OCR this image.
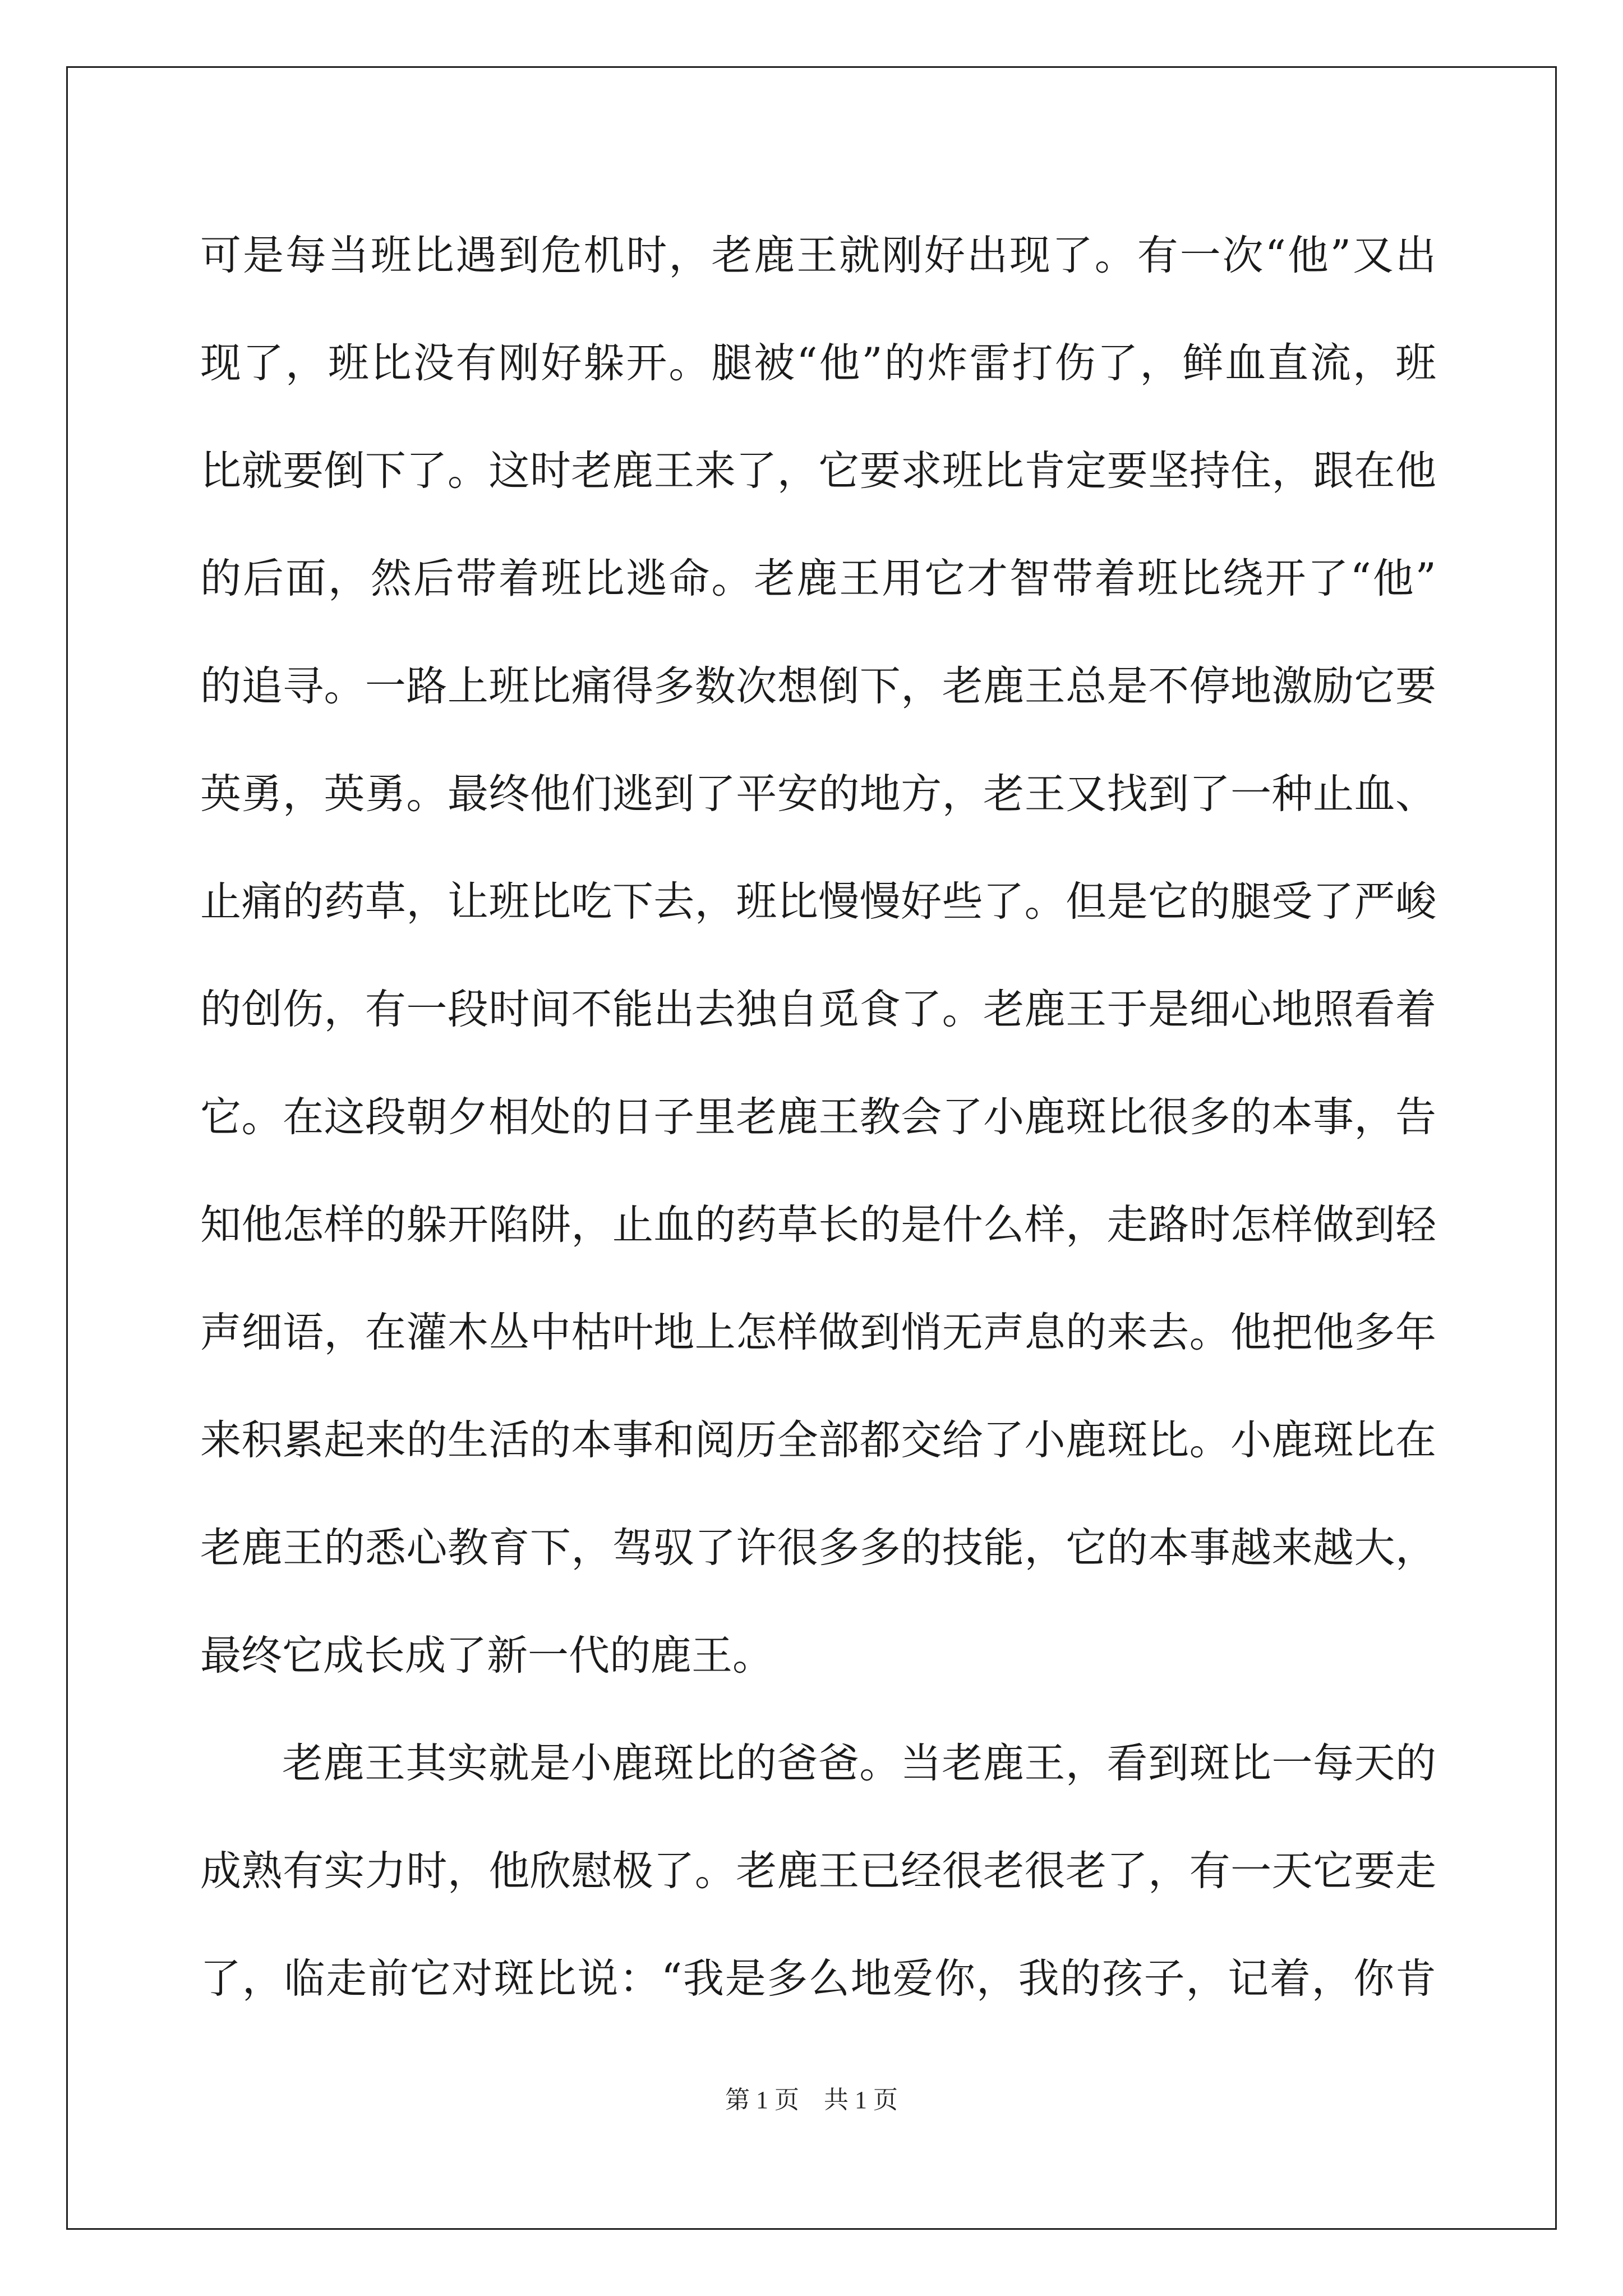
可是每当班比遇到危机时，老鹿王就刚好出现了。有一次“他”又出
现了，班比没有刚好躲开。腿被“他”的炸雷打伤了，鲜血直流，班
比就要倒下了。这时老鹿王来了，它要求班比肯定要坚持住，跟在他
的后面，然后带着班比逃命。老鹿王用它才智带着班比绕开了“他”
的追寻。一路上班比痛得多数次想倒下，老鹿王总是不停地激励它要
英勇，英勇。最终他们逃到了平安的地方，老王又找到了一种止血、
止痛的药草，让班比吃下去，班比慢慢好些了。但是它的腿受了严峻
的创伤，有一段时间不能出去独自觅食了。老鹿王于是细心地照看着
它。在这段朝夕相处的日子里老鹿王教会了小鹿斑比很多的本事，告
知他怎样的躲开陷阱，止血的药草长的是什么样，走路时怎样做到轻
声细语，在灌木丛中枯叶地上怎样做到悄无声息的来去。他把他多年
来积累起来的生活的本事和阅历全部都交给了小鹿斑比。小鹿斑比在
老鹿王的悉心教育下，驾驭了许很多多的技能，它的本事越来越大，
最终它成长成了新一代的鹿王。
老鹿王其实就是小鹿斑比的爸爸。当老鹿王，看到斑比一每天的
成熟有实力时，他欣慰极了。老鹿王已经很老很老了，有一天它要走
了，临走前它对斑比说：“我是多么地爱你，我的孩子，记着，你肯
第 1 页　共 1 页
